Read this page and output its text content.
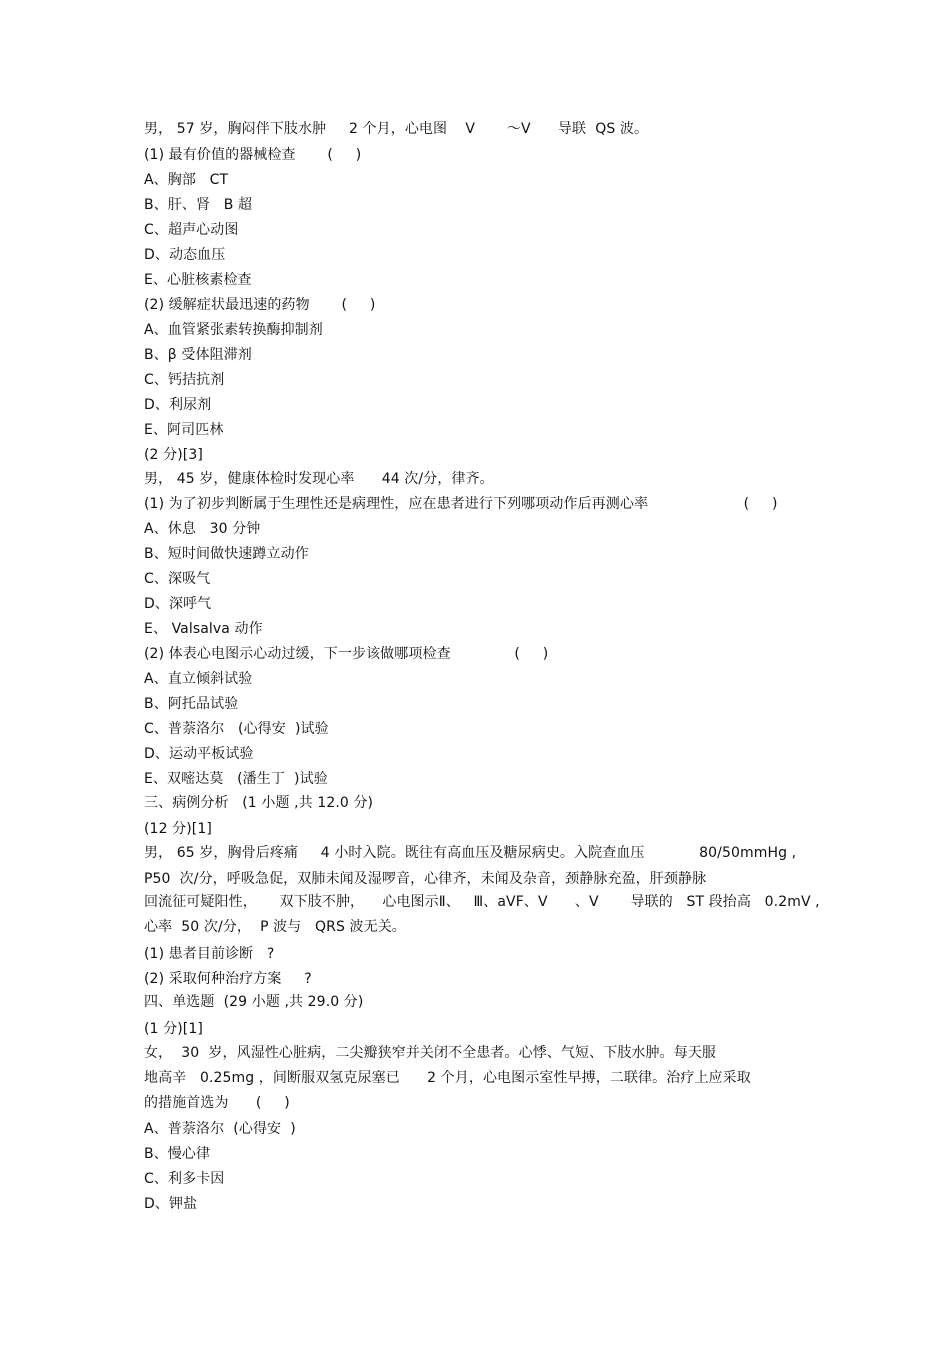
男， 57 岁，胸闷伴下肢水肿     2 个月，心电图    V       ～V      导联  QS 波。
(1) 最有价值的器械检查       (     )
A、胸部   CT
B、肝、肾   B 超
C、超声心动图
D、动态血压
E、心脏核素检查
(2) 缓解症状最迅速的药物       (     )
A、血管紧张素转换酶抑制剂
B、β 受体阻滞剂
C、钙拮抗剂
D、利尿剂
E、阿司匹林
(2 分)[3]
男， 45 岁，健康体检时发现心率      44 次/分，律齐。
(1) 为了初步判断属于生理性还是病理性，应在患者进行下列哪项动作后再测心率                     (     )
A、休息   30 分钟
B、短时间做快速蹲立动作
C、深吸气
D、深呼气
E、 Valsalva 动作
(2) 体表心电图示心动过缓，下一步该做哪项检查              (     )
A、直立倾斜试验
B、阿托品试验
C、普萘洛尔   (心得安  )试验
D、运动平板试验
E、双嘧达莫   (潘生丁  )试验
三、病例分析   (1 小题 ,共 12.0 分)
(12 分)[1]
男， 65 岁，胸骨后疼痛     4 小时入院。既往有高血压及糖尿病史。入院查血压            80/50mmHg ,
P50  次/分，呼吸急促，双肺未闻及湿啰音，心律齐，未闻及杂音，颈静脉充盈，肝颈静脉
回流征可疑阳性，     双下肢不肿，    心电图示Ⅱ、   Ⅲ、aVF、V      、V       导联的   ST 段抬高   0.2mV ,
心率  50 次/分，  P 波与   QRS 波无关。
(1) 患者目前诊断   ?
(2) 采取何种治疗方案     ?
四、单选题  (29 小题 ,共 29.0 分)
(1 分)[1]
女，  30  岁，风湿性心脏病，二尖瓣狭窄并关闭不全患者。心悸、气短、下肢水肿。每天服
地高辛   0.25mg ，间断服双氢克尿塞已      2 个月，心电图示室性早搏，二联律。治疗上应采取
的措施首选为      (     )
A、普萘洛尔  (心得安  )
B、慢心律
C、利多卡因
D、钾盐
